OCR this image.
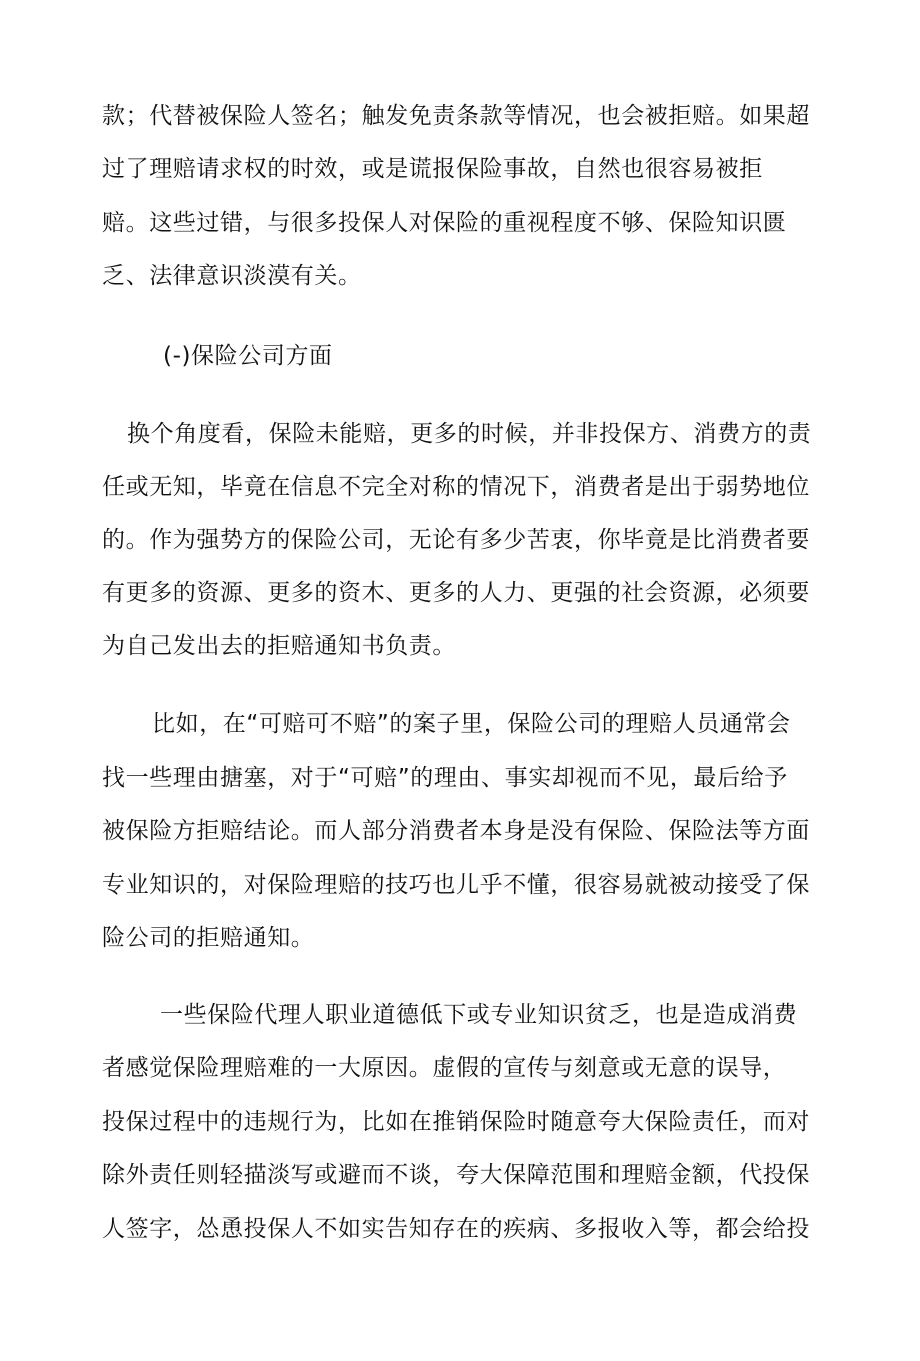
款；代替被保险人签名；触发免责条款等情况，也会被拒赔。如果超
过了理赔请求权的时效，或是谎报保险事故，自然也很容易被拒
赔。这些过错，与很多投保人对保险的重视程度不够、保险知识匮
乏、法律意识淡漠有关。
(-)保险公司方面
换个角度看，保险未能赔，更多的时候，并非投保方、消费方的责
任或无知，毕竟在信息不完全对称的情况下，消费者是出于弱势地位
的。作为强势方的保险公司，无论有多少苦衷，你毕竟是比消费者要
有更多的资源、更多的资木、更多的人力、更强的社会资源，必须要
为自己发出去的拒赔通知书负责。
比如，在“可赔可不赔”的案子里，保险公司的理赔人员通常会
找一些理由搪塞，对于“可赔”的理由、事实却视而不见，最后给予
被保险方拒赔结论。而人部分消费者本身是没有保险、保险法等方面
专业知识的，对保险理赔的技巧也儿乎不懂，很容易就被动接受了保
险公司的拒赔通知。
一些保险代理人职业道德低下或专业知识贫乏，也是造成消费
者感觉保险理赔难的一大原因。虚假的宣传与刻意或无意的误导，
投保过程中的违规行为，比如在推销保险时随意夸大保险责任，而对
除外责任则轻描淡写或避而不谈，夸大保障范围和理赔金额，代投保
人签字，怂恿投保人不如实告知存在的疾病、多报收入等，都会给投
